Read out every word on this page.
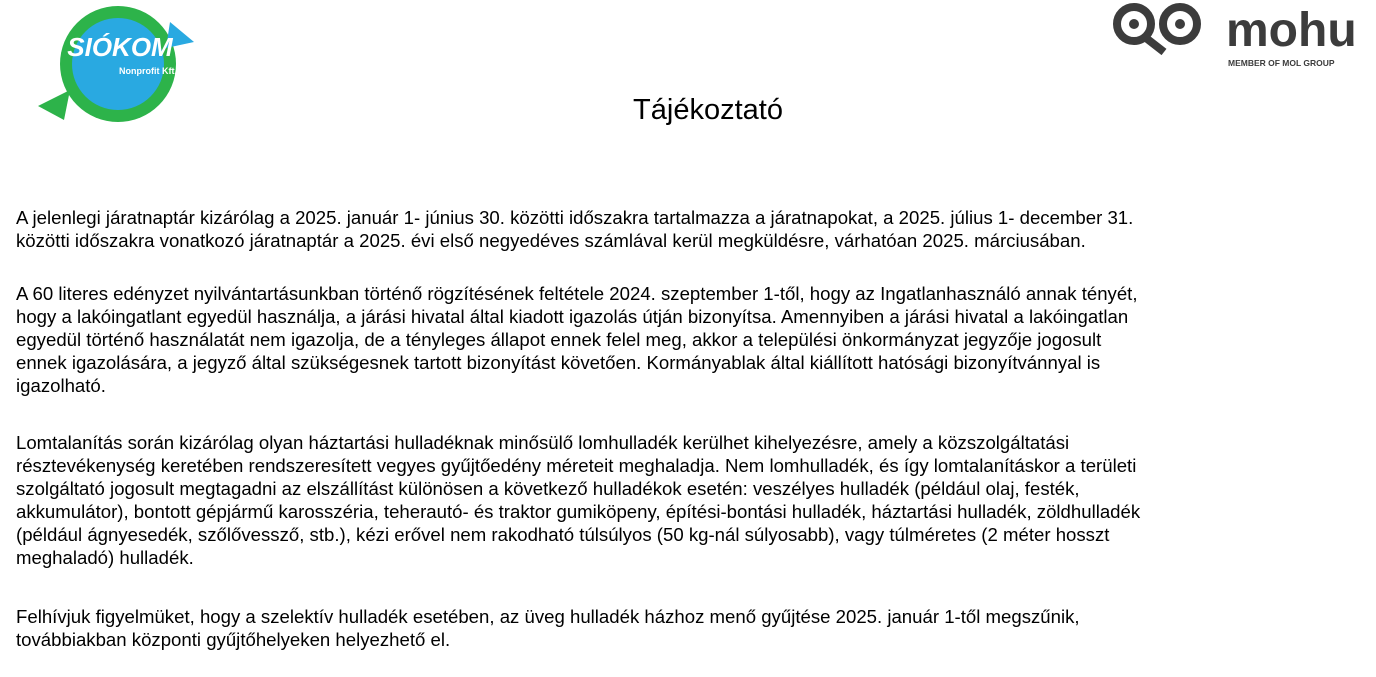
SIÓKOM
Nonprofit Kft.
mohu
MEMBER OF MOL GROUP
Tájékoztató

A jelenlegi járatnaptár kizárólag a 2025. január 1- június 30. közötti időszakra tartalmazza a járatnapokat, a 2025. július 1- december 31.
közötti időszakra vonatkozó járatnaptár a 2025. évi első negyedéves számlával kerül megküldésre, várhatóan 2025. márciusában.

A 60 literes edényzet nyilvántartásunkban történő rögzítésének feltétele 2024. szeptember 1-től, hogy az Ingatlanhasználó annak tényét,
hogy a lakóingatlant egyedül használja, a járási hivatal által kiadott igazolás útján bizonyítsa. Amennyiben a járási hivatal a lakóingatlan
egyedül történő használatát nem igazolja, de a tényleges állapot ennek felel meg, akkor a települési önkormányzat jegyzője jogosult
ennek igazolására, a jegyző által szükségesnek tartott bizonyítást követően. Kormányablak által kiállított hatósági bizonyítvánnyal is
igazolható.

Lomtalanítás során kizárólag olyan háztartási hulladéknak minősülő lomhulladék kerülhet kihelyezésre, amely a közszolgáltatási
résztevékenység keretében rendszeresített vegyes gyűjtőedény méreteit meghaladja. Nem lomhulladék, és így lomtalanításkor a területi
szolgáltató jogosult megtagadni az elszállítást különösen a következő hulladékok esetén: veszélyes hulladék (például olaj, festék,
akkumulátor), bontott gépjármű karosszéria, teherautó- és traktor gumiköpeny, építési-bontási hulladék, háztartási hulladék, zöldhulladék
(például ágnyesedék, szőlővessző, stb.), kézi erővel nem rakodható túlsúlyos (50 kg-nál súlyosabb), vagy túlméretes (2 méter hosszt
meghaladó) hulladék.

Felhívjuk figyelmüket, hogy a szelektív hulladék esetében, az üveg hulladék házhoz menő gyűjtése 2025. január 1-től megszűnik,
továbbiakban központi gyűjtőhelyeken helyezhető el.
